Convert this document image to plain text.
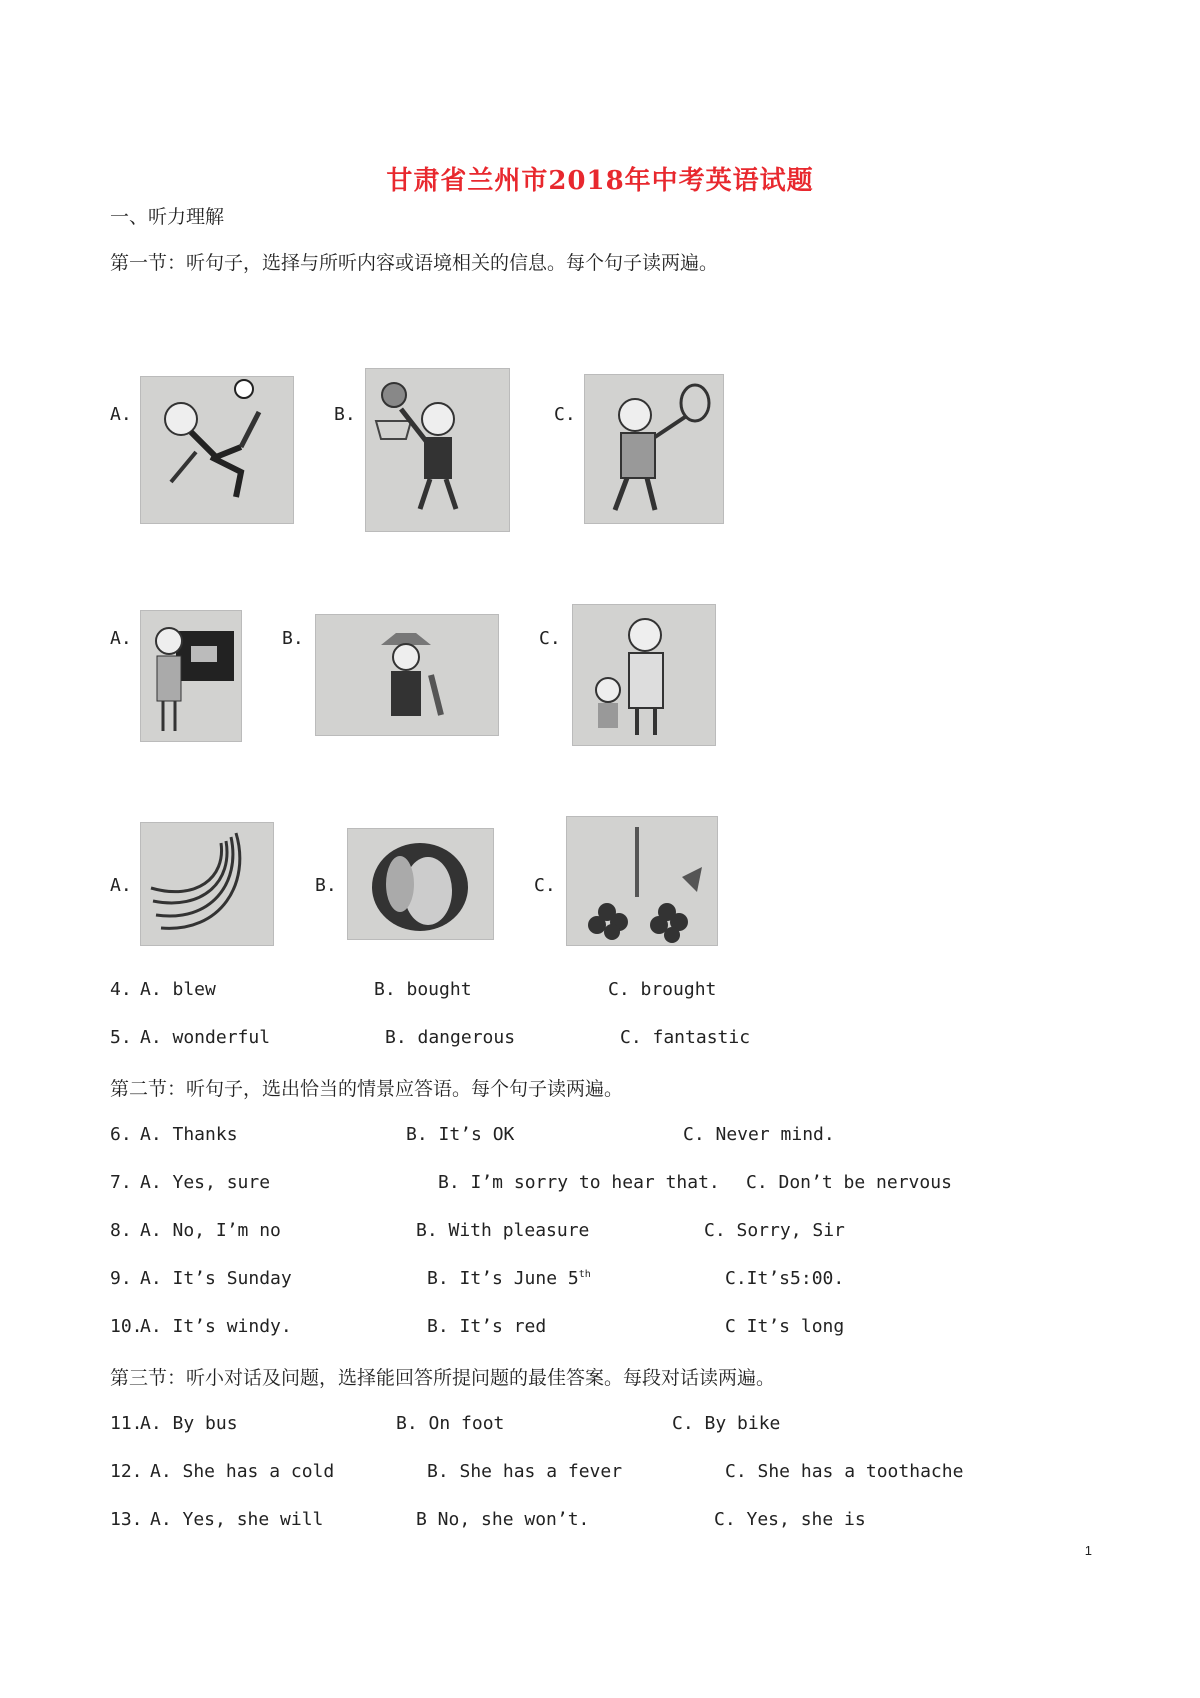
甘肃省兰州市2018年中考英语试题
一、听力理解
第一节：听句子，选择与所听内容或语境相关的信息。每个句子读两遍。
A.	B.	C.
A.	B.	C.
A.	B.	C.
4. A. blew	B. bought	C. brought
5. A. wonderful	B. dangerous	C. fantastic
第二节：听句子，选出恰当的情景应答语。每个句子读两遍。
6. A. Thanks	B. It’s OK	C. Never mind.
7. A. Yes, sure	B. I’m sorry to hear that. C. Don’t be nervous
8. A. No, I’m no	B. With pleasure	C. Sorry, Sir
9. A. It’s Sunday	B. It’s June 5th	C.It’s5:00.
10.
A. It’s windy.	B. It’s red	C It’s long
第三节：听小对话及问题，选择能回答所提问题的最佳答案。每段对话读两遍。
11.
A. By bus	B. On foot	C. By bike
12. A. She has a cold	B. She has a fever	C. She has a toothache
13. A. Yes, she will	B No, she won’t.	C. Yes, she is
1
